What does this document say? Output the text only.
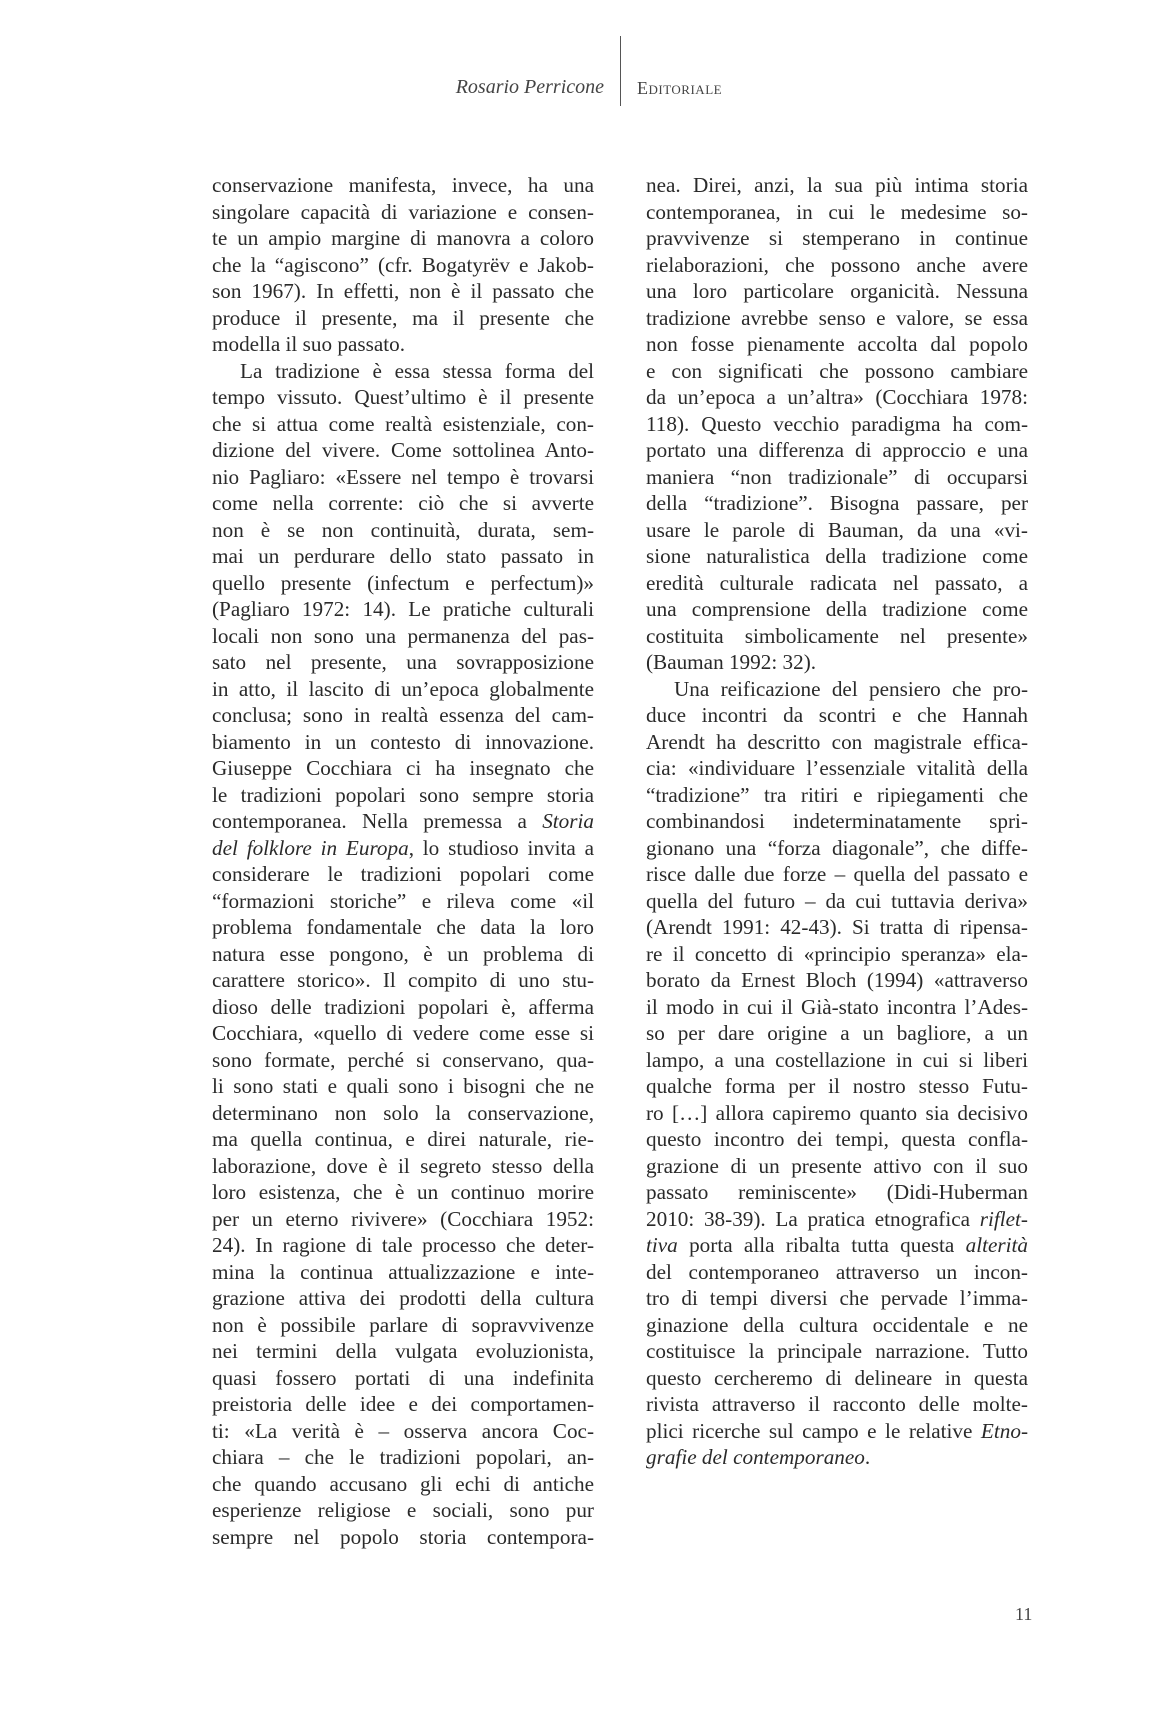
Rosario Perricone Editoriale
conservazione manifesta, invece, ha una
singolare capacità di variazione e consen-
te un ampio margine di manovra a coloro
che la “agiscono” (cfr. Bogatyrëv e Jakob-
son 1967). In effetti, non è il passato che
produce il presente, ma il presente che
modella il suo passato.
La tradizione è essa stessa forma del
tempo vissuto. Quest’ultimo è il presente
che si attua come realtà esistenziale, con-
dizione del vivere. Come sottolinea Anto-
nio Pagliaro: «Essere nel tempo è trovarsi
come nella corrente: ciò che si avverte
non è se non continuità, durata, sem-
mai un perdurare dello stato passato in
quello presente (infectum e perfectum)»
(Pagliaro 1972: 14). Le pratiche culturali
locali non sono una permanenza del pas-
sato nel presente, una sovrapposizione
in atto, il lascito di un’epoca globalmente
conclusa; sono in realtà essenza del cam-
biamento in un contesto di innovazione.
Giuseppe Cocchiara ci ha insegnato che
le tradizioni popolari sono sempre storia
contemporanea. Nella premessa a Storia
del folklore in Europa, lo studioso invita a
considerare le tradizioni popolari come
“formazioni storiche” e rileva come «il
problema fondamentale che data la loro
natura esse pongono, è un problema di
carattere storico». Il compito di uno stu-
dioso delle tradizioni popolari è, afferma
Cocchiara, «quello di vedere come esse si
sono formate, perché si conservano, qua-
li sono stati e quali sono i bisogni che ne
determinano non solo la conservazione,
ma quella continua, e direi naturale, rie-
laborazione, dove è il segreto stesso della
loro esistenza, che è un continuo morire
per un eterno rivivere» (Cocchiara 1952:
24). In ragione di tale processo che deter-
mina la continua attualizzazione e inte-
grazione attiva dei prodotti della cultura
non è possibile parlare di sopravvivenze
nei termini della vulgata evoluzionista,
quasi fossero portati di una indefinita
preistoria delle idee e dei comportamen-
ti: «La verità è – osserva ancora Coc-
chiara – che le tradizioni popolari, an-
che quando accusano gli echi di antiche
esperienze religiose e sociali, sono pur
sempre nel popolo storia contempora-
nea. Direi, anzi, la sua più intima storia
contemporanea, in cui le medesime so-
pravvivenze si stemperano in continue
rielaborazioni, che possono anche avere
una loro particolare organicità. Nessuna
tradizione avrebbe senso e valore, se essa
non fosse pienamente accolta dal popolo
e con significati che possono cambiare
da un’epoca a un’altra» (Cocchiara 1978:
118). Questo vecchio paradigma ha com-
portato una differenza di approccio e una
maniera “non tradizionale” di occuparsi
della “tradizione”. Bisogna passare, per
usare le parole di Bauman, da una «vi-
sione naturalistica della tradizione come
eredità culturale radicata nel passato, a
una comprensione della tradizione come
costituita simbolicamente nel presente»
(Bauman 1992: 32).
Una reificazione del pensiero che pro-
duce incontri da scontri e che Hannah
Arendt ha descritto con magistrale effica-
cia: «individuare l’essenziale vitalità della
“tradizione” tra ritiri e ripiegamenti che
combinandosi indeterminatamente spri-
gionano una “forza diagonale”, che diffe-
risce dalle due forze – quella del passato e
quella del futuro – da cui tuttavia deriva»
(Arendt 1991: 42-43). Si tratta di ripensa-
re il concetto di «principio speranza» ela-
borato da Ernest Bloch (1994) «attraverso
il modo in cui il Già-stato incontra l’Ades-
so per dare origine a un bagliore, a un
lampo, a una costellazione in cui si liberi
qualche forma per il nostro stesso Futu-
ro […] allora capiremo quanto sia decisivo
questo incontro dei tempi, questa confla-
grazione di un presente attivo con il suo
passato reminiscente» (Didi-Huberman
2010: 38-39). La pratica etnografica riflet-
tiva porta alla ribalta tutta questa alterità
del contemporaneo attraverso un incon-
tro di tempi diversi che pervade l’imma-
ginazione della cultura occidentale e ne
costituisce la principale narrazione. Tutto
questo cercheremo di delineare in questa
rivista attraverso il racconto delle molte-
plici ricerche sul campo e le relative Etno-
grafie del contemporaneo.
11
